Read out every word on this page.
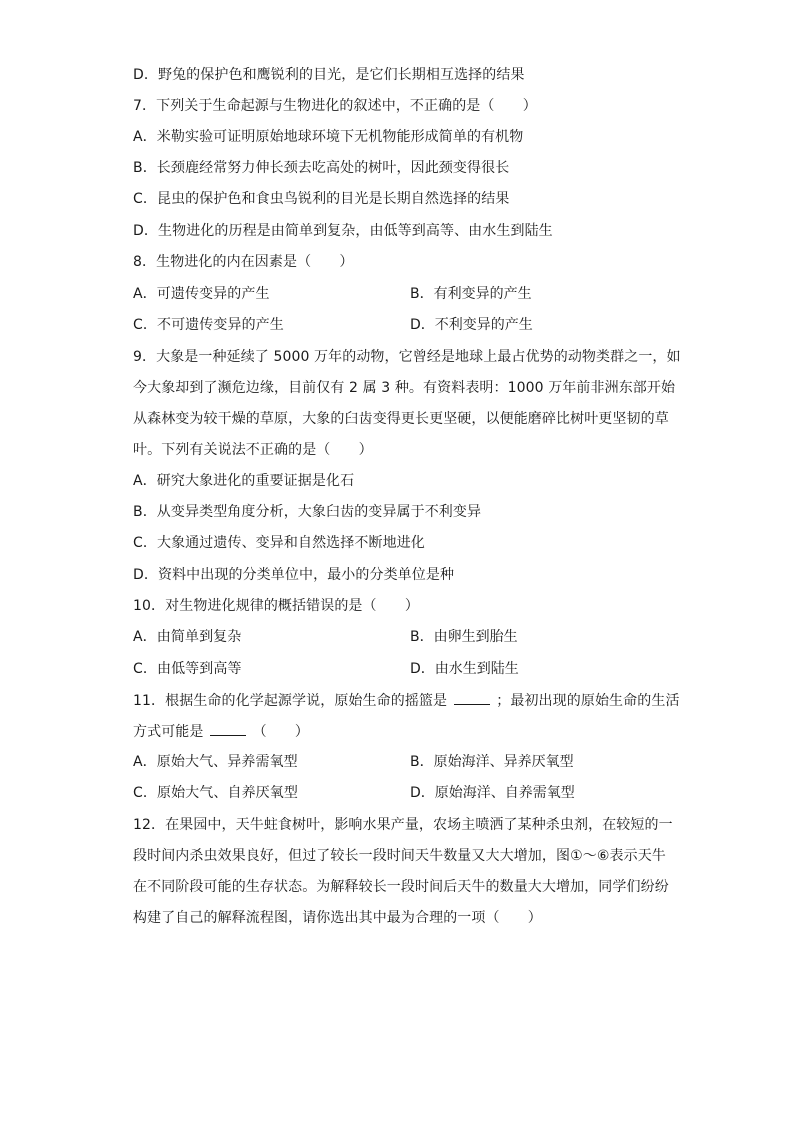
D．野兔的保护色和鹰锐利的目光，是它们长期相互选择的结果
7．下列关于生命起源与生物进化的叙述中，不正确的是（　　）
A．米勒实验可证明原始地球环境下无机物能形成简单的有机物
B．长颈鹿经常努力伸长颈去吃高处的树叶，因此颈变得很长
C．昆虫的保护色和食虫鸟锐利的目光是长期自然选择的结果
D．生物进化的历程是由简单到复杂，由低等到高等、由水生到陆生
8．生物进化的内在因素是（　　）
A．可遗传变异的产生	B．有利变异的产生
C．不可遗传变异的产生	D．不利变异的产生
9．大象是一种延续了 5000 万年的动物，它曾经是地球上最占优势的动物类群之一，如
今大象却到了濒危边缘，目前仅有 2 属 3 种。有资料表明：1000 万年前非洲东部开始
从森林变为较干燥的草原，大象的臼齿变得更长更坚硬，以便能磨碎比树叶更坚韧的草
叶。下列有关说法不正确的是（　　）
A．研究大象进化的重要证据是化石
B．从变异类型角度分析，大象臼齿的变异属于不利变异
C．大象通过遗传、变异和自然选择不断地进化
D．资料中出现的分类单位中，最小的分类单位是种
10．对生物进化规律的概括错误的是（　　）
A．由简单到复杂	B．由卵生到胎生
C．由低等到高等	D．由水生到陆生
11．根据生命的化学起源学说，原始生命的摇篮是	；最初出现的原始生命的生活
方式可能是	（　　）
A．原始大气、异养需氧型	B．原始海洋、异养厌氧型
C．原始大气、自养厌氧型	D．原始海洋、自养需氧型
12．在果园中，天牛蛀食树叶，影响水果产量，农场主喷洒了某种杀虫剂，在较短的一
段时间内杀虫效果良好，但过了较长一段时间天牛数量又大大增加，图①～⑥表示天牛
在不同阶段可能的生存状态。为解释较长一段时间后天牛的数量大大增加，同学们纷纷
构建了自己的解释流程图，请你选出其中最为合理的一项（　　）
